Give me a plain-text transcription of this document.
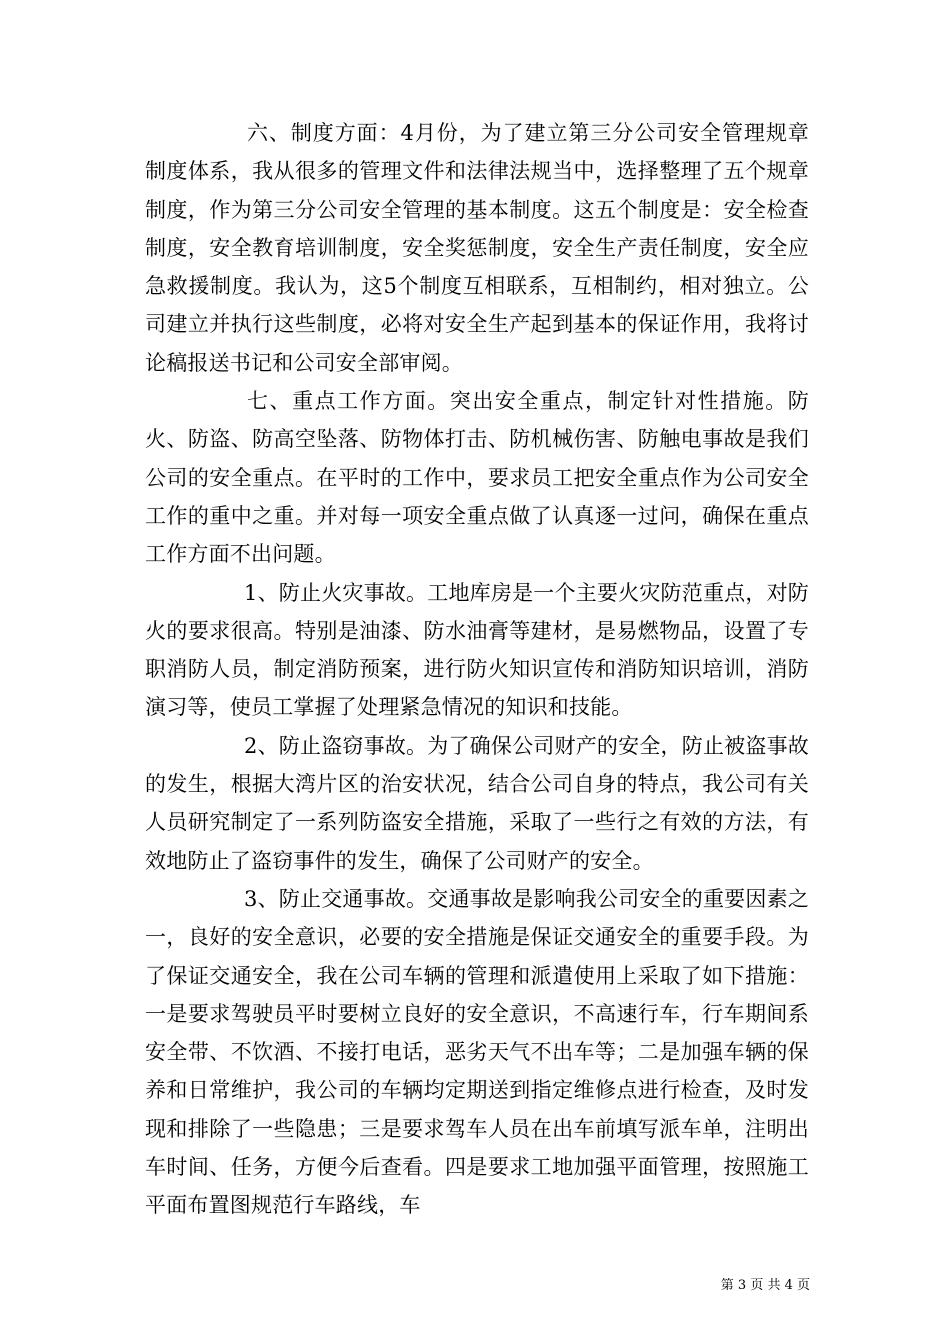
六、制度方面：4月份，为了建立第三分公司安全管理规章制度体系，我从很多的管理文件和法律法规当中，选择整理了五个规章制度，作为第三分公司安全管理的基本制度。这五个制度是：安全检查制度，安全教育培训制度，安全奖惩制度，安全生产责任制度，安全应急救援制度。我认为，这5个制度互相联系，互相制约，相对独立。公司建立并执行这些制度，必将对安全生产起到基本的保证作用，我将讨论稿报送书记和公司安全部审阅。

七、重点工作方面。突出安全重点，制定针对性措施。防火、防盗、防高空坠落、防物体打击、防机械伤害、防触电事故是我们公司的安全重点。在平时的工作中，要求员工把安全重点作为公司安全工作的重中之重。并对每一项安全重点做了认真逐一过问，确保在重点工作方面不出问题。

1、防止火灾事故。工地库房是一个主要火灾防范重点，对防火的要求很高。特别是油漆、防水油膏等建材，是易燃物品，设置了专职消防人员，制定消防预案，进行防火知识宣传和消防知识培训，消防演习等，使员工掌握了处理紧急情况的知识和技能。

2、防止盗窃事故。为了确保公司财产的安全，防止被盗事故的发生，根据大湾片区的治安状况，结合公司自身的特点，我公司有关人员研究制定了一系列防盗安全措施，采取了一些行之有效的方法，有效地防止了盗窃事件的发生，确保了公司财产的安全。

3、防止交通事故。交通事故是影响我公司安全的重要因素之一，良好的安全意识，必要的安全措施是保证交通安全的重要手段。为了保证交通安全，我在公司车辆的管理和派遣使用上采取了如下措施：一是要求驾驶员平时要树立良好的安全意识，不高速行车，行车期间系安全带、不饮酒、不接打电话，恶劣天气不出车等；二是加强车辆的保养和日常维护，我公司的车辆均定期送到指定维修点进行检查，及时发现和排除了一些隐患；三是要求驾车人员在出车前填写派车单，注明出车时间、任务，方便今后查看。四是要求工地加强平面管理，按照施工平面布置图规范行车路线，车

第 3 页 共 4 页
